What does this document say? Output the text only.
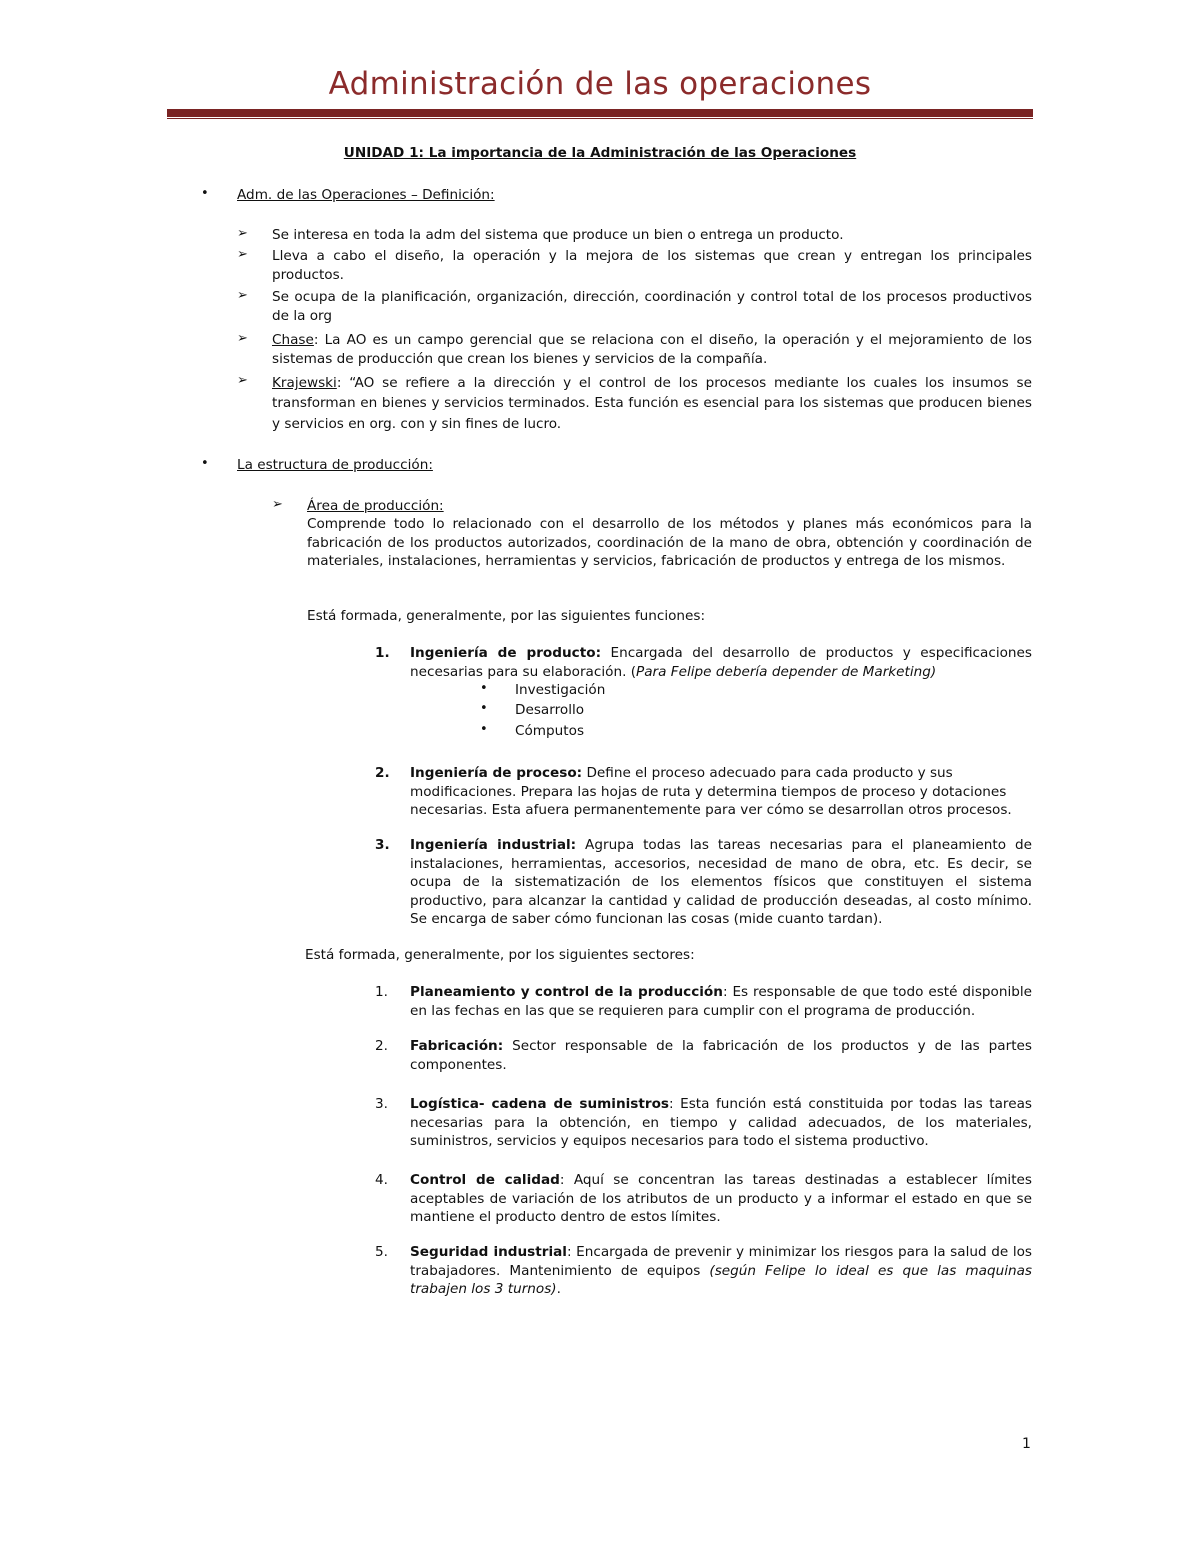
Administración de las operaciones
UNIDAD 1: La importancia de la Administración de las Operaciones
• Adm. de las Operaciones – Definición:
➢ Se interesa en toda la adm del sistema que produce un bien o entrega un producto.
➢ Lleva a cabo el diseño, la operación y la mejora de los sistemas que crean y entregan los principales productos.
➢ Se ocupa de la planificación, organización, dirección, coordinación y control total de los procesos productivos de la org
➢ Chase: La AO es un campo gerencial que se relaciona con el diseño, la operación y el mejoramiento de los sistemas de producción que crean los bienes y servicios de la compañía.
➢ Krajewski: “AO se refiere a la dirección y el control de los procesos mediante los cuales los insumos se transforman en bienes y servicios terminados. Esta función es esencial para los sistemas que producen bienes y servicios en org. con y sin fines de lucro.
• La estructura de producción:
➢ Área de producción:
Comprende todo lo relacionado con el desarrollo de los métodos y planes más económicos para la fabricación de los productos autorizados, coordinación de la mano de obra, obtención y coordinación de materiales, instalaciones, herramientas y servicios, fabricación de productos y entrega de los mismos.
Está formada, generalmente, por las siguientes funciones:
1. Ingeniería de producto: Encargada del desarrollo de productos y especificaciones necesarias para su elaboración. (Para Felipe debería depender de Marketing)
• Investigación
• Desarrollo
• Cómputos
2. Ingeniería de proceso: Define el proceso adecuado para cada producto y sus modificaciones. Prepara las hojas de ruta y determina tiempos de proceso y dotaciones necesarias. Esta afuera permanentemente para ver cómo se desarrollan otros procesos.
3. Ingeniería industrial: Agrupa todas las tareas necesarias para el planeamiento de instalaciones, herramientas, accesorios, necesidad de mano de obra, etc. Es decir, se ocupa de la sistematización de los elementos físicos que constituyen el sistema productivo, para alcanzar la cantidad y calidad de producción deseadas, al costo mínimo. Se encarga de saber cómo funcionan las cosas (mide cuanto tardan).
Está formada, generalmente, por los siguientes sectores:
1. Planeamiento y control de la producción: Es responsable de que todo esté disponible en las fechas en las que se requieren para cumplir con el programa de producción.
2. Fabricación: Sector responsable de la fabricación de los productos y de las partes componentes.
3. Logística- cadena de suministros: Esta función está constituida por todas las tareas necesarias para la obtención, en tiempo y calidad adecuados, de los materiales, suministros, servicios y equipos necesarios para todo el sistema productivo.
4. Control de calidad: Aquí se concentran las tareas destinadas a establecer límites aceptables de variación de los atributos de un producto y a informar el estado en que se mantiene el producto dentro de estos límites.
5. Seguridad industrial: Encargada de prevenir y minimizar los riesgos para la salud de los trabajadores. Mantenimiento de equipos (según Felipe lo ideal es que las maquinas trabajen los 3 turnos).
1
